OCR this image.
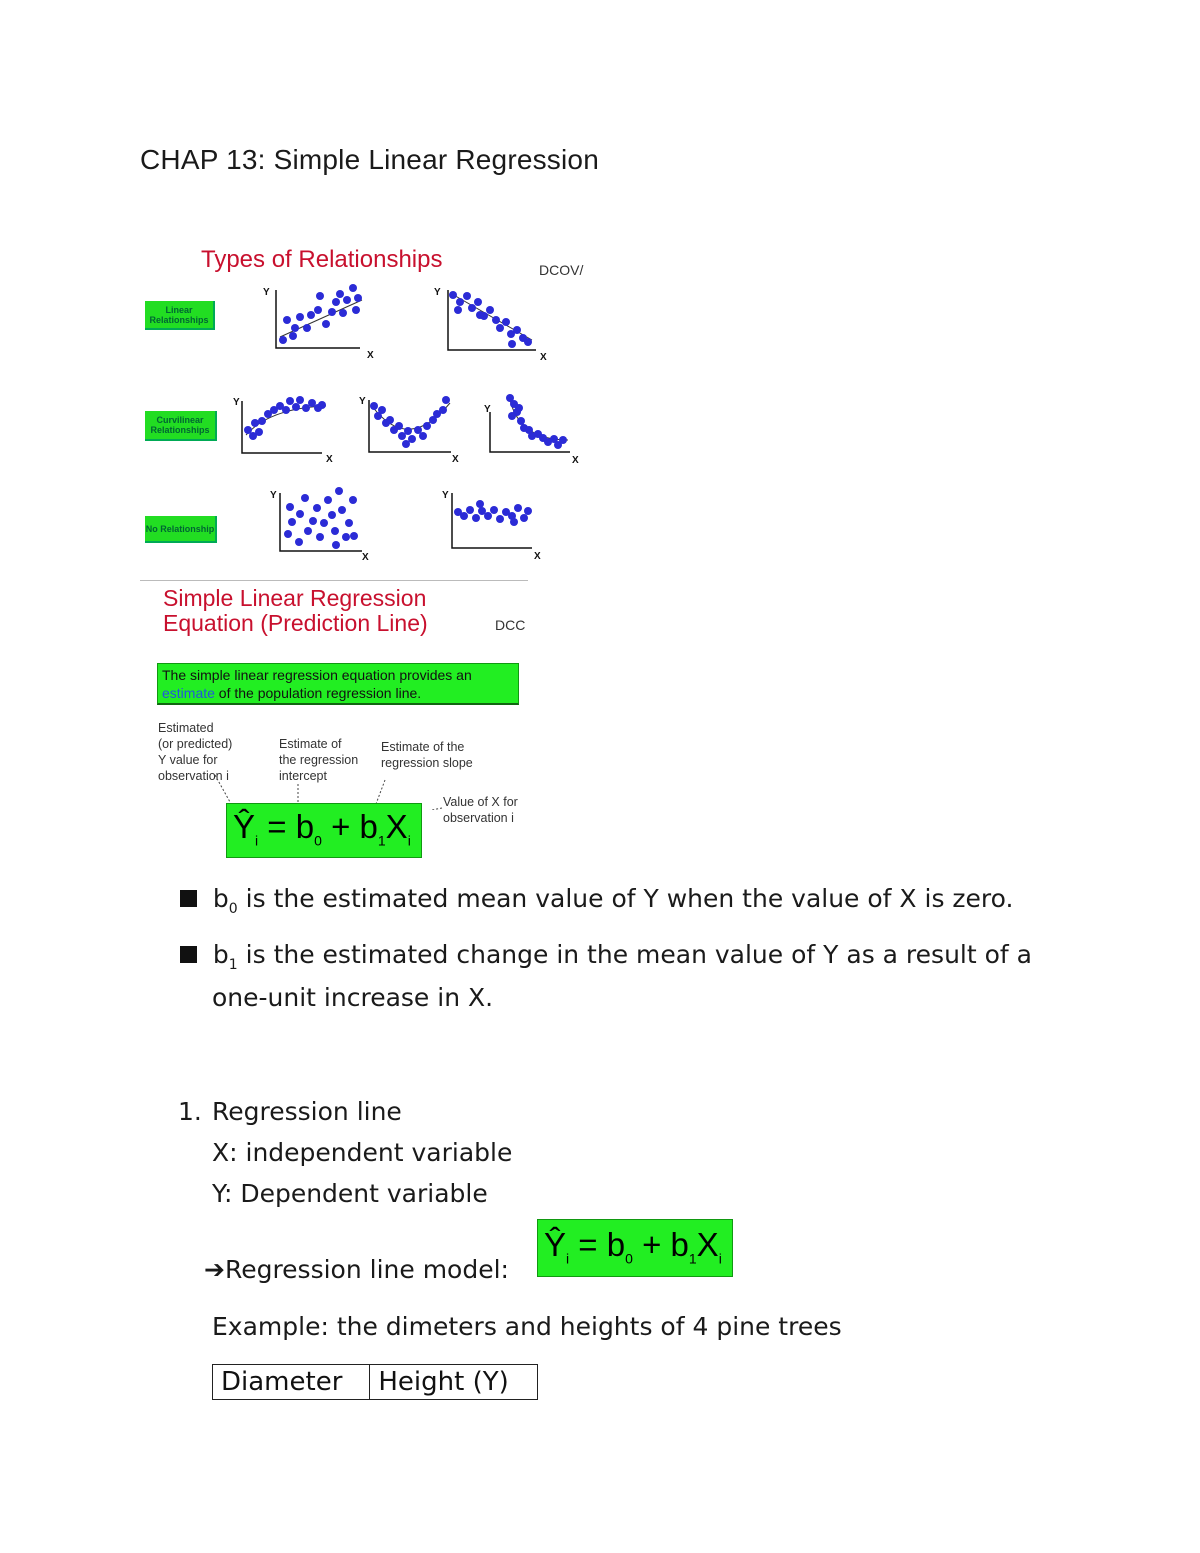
CHAP 13: Simple Linear Regression
Types of Relationships	DCOV/
Linear Relationships
Curvilinear Relationships
No Relationship
Y
X
Y
X
Y
X
Y
X
Y
X
Y
X
Y
X
Simple Linear Regression
Equation (Prediction Line)	DCC
The simple linear regression equation provides an
estimate of the population regression line.
Estimated
(or predicted)
Y value for
observation i
Estimate of
the regression
intercept
Estimate of the
regression slope
Value of X for
observation i
$Ŷ_i = b_0 + b_1X_i$
$b_0$ is the estimated mean value of Y when the value of X is zero.
$b_1$ is the estimated change in the mean value of Y as a result of a
one-unit increase in X.
1. Regression line
X: independent variable
Y: Dependent variable
➔Regression line model:
$Ŷ_i = b_0 + b_1X_i$
Example: the dimeters and heights of 4 pine trees
Diameter	Height (Y)
